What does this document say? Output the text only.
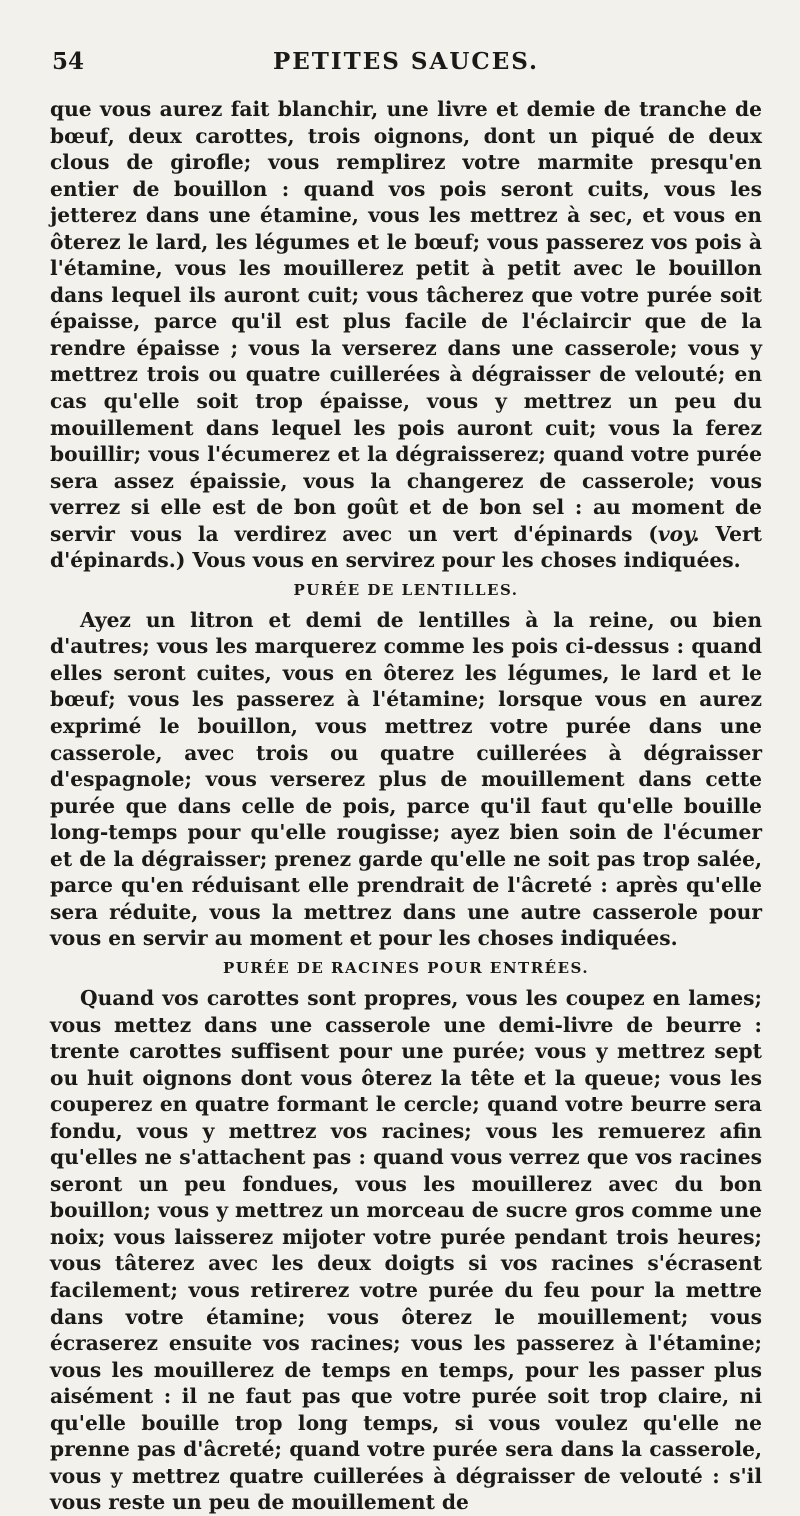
54	PETITES SAUCES.

que vous aurez fait blanchir, une livre et demie de tranche de bœuf, deux carottes, trois oignons, dont un piqué de deux clous de girofle; vous remplirez votre marmite presqu'en entier de bouillon : quand vos pois seront cuits, vous les jetterez dans une étamine, vous les mettrez à sec, et vous en ôterez le lard, les légumes et le bœuf; vous passerez vos pois à l'étamine, vous les mouillerez petit à petit avec le bouillon dans lequel ils auront cuit; vous tâcherez que votre purée soit épaisse, parce qu'il est plus facile de l'éclaircir que de la rendre épaisse ; vous la verserez dans une casserole; vous y mettrez trois ou quatre cuillerées à dégraisser de velouté; en cas qu'elle soit trop épaisse, vous y mettrez un peu du mouillement dans lequel les pois auront cuit; vous la ferez bouillir; vous l'écumerez et la dégraisserez; quand votre purée sera assez épaissie, vous la changerez de casserole; vous verrez si elle est de bon goût et de bon sel : au moment de servir vous la verdirez avec un vert d'épinards (voy. Vert d'épinards.) Vous vous en servirez pour les choses indiquées.

PURÉE DE LENTILLES.

Ayez un litron et demi de lentilles à la reine, ou bien d'autres; vous les marquerez comme les pois ci-dessus : quand elles seront cuites, vous en ôterez les légumes, le lard et le bœuf; vous les passerez à l'étamine; lorsque vous en aurez exprimé le bouillon, vous mettrez votre purée dans une casserole, avec trois ou quatre cuillerées à dégraisser d'espagnole; vous verserez plus de mouillement dans cette purée que dans celle de pois, parce qu'il faut qu'elle bouille long-temps pour qu'elle rougisse; ayez bien soin de l'écumer et de la dégraisser; prenez garde qu'elle ne soit pas trop salée, parce qu'en réduisant elle prendrait de l'âcreté : après qu'elle sera réduite, vous la mettrez dans une autre casserole pour vous en servir au moment et pour les choses indiquées.

PURÉE DE RACINES POUR ENTRÉES.

Quand vos carottes sont propres, vous les coupez en lames; vous mettez dans une casserole une demi-livre de beurre : trente carottes suffisent pour une purée; vous y mettrez sept ou huit oignons dont vous ôterez la tête et la queue; vous les couperez en quatre formant le cercle; quand votre beurre sera fondu, vous y mettrez vos racines; vous les remuerez afin qu'elles ne s'attachent pas : quand vous verrez que vos racines seront un peu fondues, vous les mouillerez avec du bon bouillon; vous y mettrez un morceau de sucre gros comme une noix; vous laisserez mijoter votre purée pendant trois heures; vous tâterez avec les deux doigts si vos racines s'écrasent facilement; vous retirerez votre purée du feu pour la mettre dans votre étamine; vous ôterez le mouillement; vous écraserez ensuite vos racines; vous les passerez à l'étamine; vous les mouillerez de temps en temps, pour les passer plus aisément : il ne faut pas que votre purée soit trop claire, ni qu'elle bouille trop long temps, si vous voulez qu'elle ne prenne pas d'âcreté; quand votre purée sera dans la casserole, vous y mettrez quatre cuillerées à dégraisser de velouté : s'il vous reste un peu de mouillement de
